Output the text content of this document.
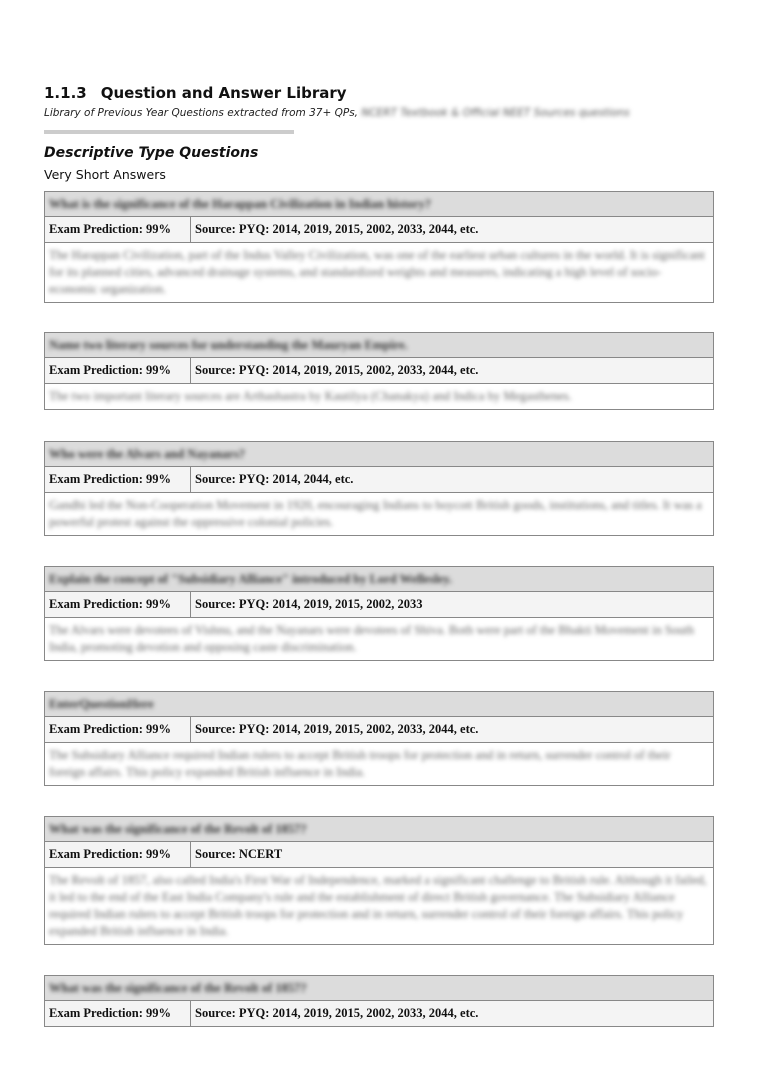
1.1.3 Question and Answer Library
Library of Previous Year Questions extracted from 37+ QPs, NCERT Textbook & Official NEET Sources questions
Descriptive Type Questions
Very Short Answers
What is the significance of the Harappan Civilization in Indian history?
Exam Prediction: 99%	Source: PYQ: 2014, 2019, 2015, 2002, 2033, 2044, etc.

The Harappan Civilization, part of the Indus Valley Civilization, was one of the earliest urban cultures in the world. It is significant for its planned cities, advanced drainage systems, and standardized weights and measures, indicating a high level of socio-economic organization.
Name two literary sources for understanding the Mauryan Empire.
Exam Prediction: 99%	Source: PYQ: 2014, 2019, 2015, 2002, 2033, 2044, etc.

The two important literary sources are Arthashastra by Kautilya (Chanakya) and Indica by Megasthenes.
Who were the Alvars and Nayanars?
Exam Prediction: 99%	Source: PYQ: 2014, 2044, etc.

Gandhi led the Non-Cooperation Movement in 1920, encouraging Indians to boycott British goods, institutions, and titles. It was a powerful protest against the oppressive colonial policies.
Explain the concept of "Subsidiary Alliance" introduced by Lord Wellesley.
Exam Prediction: 99%	Source: PYQ: 2014, 2019, 2015, 2002, 2033

The Alvars were devotees of Vishnu, and the Nayanars were devotees of Shiva. Both were part of the Bhakti Movement in South India, promoting devotion and opposing caste discrimination.
EnterQuestionHere
Exam Prediction: 99%	Source: PYQ: 2014, 2019, 2015, 2002, 2033, 2044, etc.

The Subsidiary Alliance required Indian rulers to accept British troops for protection and in return, surrender control of their foreign affairs. This policy expanded British influence in India.
What was the significance of the Revolt of 1857?
Exam Prediction: 99%	Source: NCERT

The Revolt of 1857, also called India's First War of Independence, marked a significant challenge to British rule. Although it failed, it led to the end of the East India Company's rule and the establishment of direct British governance. The Subsidiary Alliance required Indian rulers to accept British troops for protection and in return, surrender control of their foreign affairs. This policy expanded British influence in India.
What was the significance of the Revolt of 1857?
Exam Prediction: 99%	Source: PYQ: 2014, 2019, 2015, 2002, 2033, 2044, etc.
